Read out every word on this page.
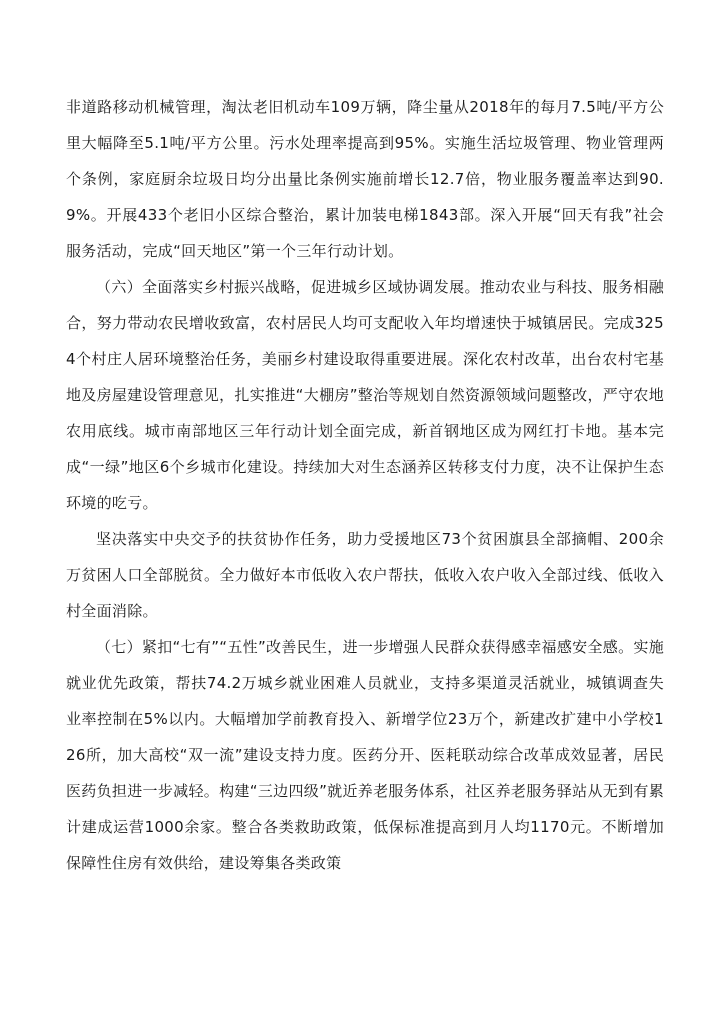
非道路移动机械管理，淘汰老旧机动车109万辆，降尘量从2018年的每月7.5吨/平方公里大幅降至5.1吨/平方公里。污水处理率提高到95%。实施生活垃圾管理、物业管理两个条例，家庭厨余垃圾日均分出量比条例实施前增长12.7倍，物业服务覆盖率达到90.9%。开展433个老旧小区综合整治，累计加装电梯1843部。深入开展“回天有我”社会服务活动，完成“回天地区”第一个三年行动计划。

（六）全面落实乡村振兴战略，促进城乡区域协调发展。推动农业与科技、服务相融合，努力带动农民增收致富，农村居民人均可支配收入年均增速快于城镇居民。完成3254个村庄人居环境整治任务，美丽乡村建设取得重要进展。深化农村改革，出台农村宅基地及房屋建设管理意见，扎实推进“大棚房”整治等规划自然资源领域问题整改，严守农地农用底线。城市南部地区三年行动计划全面完成，新首钢地区成为网红打卡地。基本完成“一绿”地区6个乡城市化建设。持续加大对生态涵养区转移支付力度，决不让保护生态环境的吃亏。

坚决落实中央交予的扶贫协作任务，助力受援地区73个贫困旗县全部摘帽、200余万贫困人口全部脱贫。全力做好本市低收入农户帮扶，低收入农户收入全部过线、低收入村全面消除。

（七）紧扣“七有”“五性”改善民生，进一步增强人民群众获得感幸福感安全感。实施就业优先政策，帮扶74.2万城乡就业困难人员就业，支持多渠道灵活就业，城镇调查失业率控制在5%以内。大幅增加学前教育投入、新增学位23万个，新建改扩建中小学校126所，加大高校“双一流”建设支持力度。医药分开、医耗联动综合改革成效显著，居民医药负担进一步减轻。构建“三边四级”就近养老服务体系，社区养老服务驿站从无到有累计建成运营1000余家。整合各类救助政策，低保标准提高到月人均1170元。不断增加保障性住房有效供给，建设筹集各类政策
